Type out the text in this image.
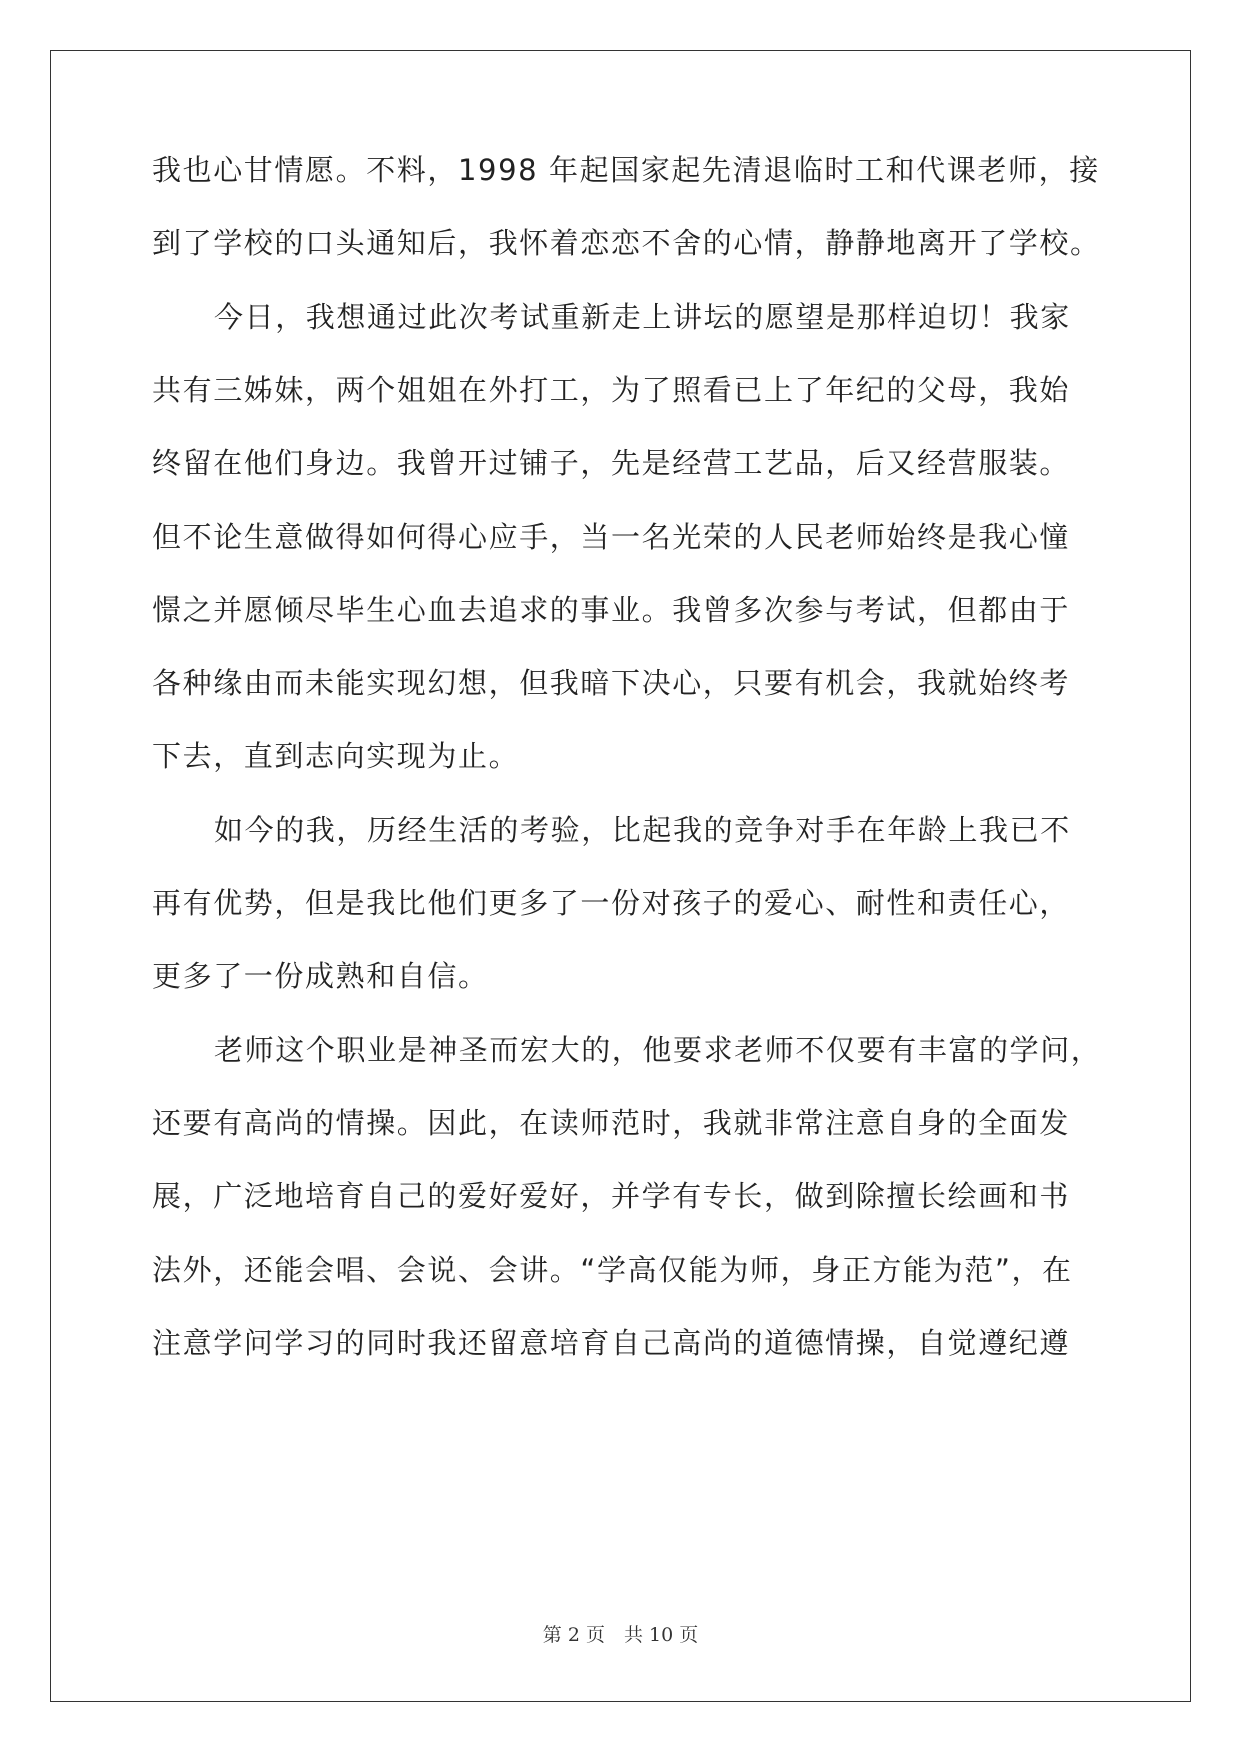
我也心甘情愿。不料，1998 年起国家起先清退临时工和代课老师，接
到了学校的口头通知后，我怀着恋恋不舍的心情，静静地离开了学校。
今日，我想通过此次考试重新走上讲坛的愿望是那样迫切！我家
共有三姊妹，两个姐姐在外打工，为了照看已上了年纪的父母，我始
终留在他们身边。我曾开过铺子，先是经营工艺品，后又经营服装。
但不论生意做得如何得心应手，当一名光荣的人民老师始终是我心憧
憬之并愿倾尽毕生心血去追求的事业。我曾多次参与考试，但都由于
各种缘由而未能实现幻想，但我暗下决心，只要有机会，我就始终考
下去，直到志向实现为止。
如今的我，历经生活的考验，比起我的竞争对手在年龄上我已不
再有优势，但是我比他们更多了一份对孩子的爱心、耐性和责任心，
更多了一份成熟和自信。
老师这个职业是神圣而宏大的，他要求老师不仅要有丰富的学问，
还要有高尚的情操。因此，在读师范时，我就非常注意自身的全面发
展，广泛地培育自己的爱好爱好，并学有专长，做到除擅长绘画和书
法外，还能会唱、会说、会讲。“学高仅能为师，身正方能为范”，在
注意学问学习的同时我还留意培育自己高尚的道德情操，自觉遵纪遵
第 2 页　共 10 页
